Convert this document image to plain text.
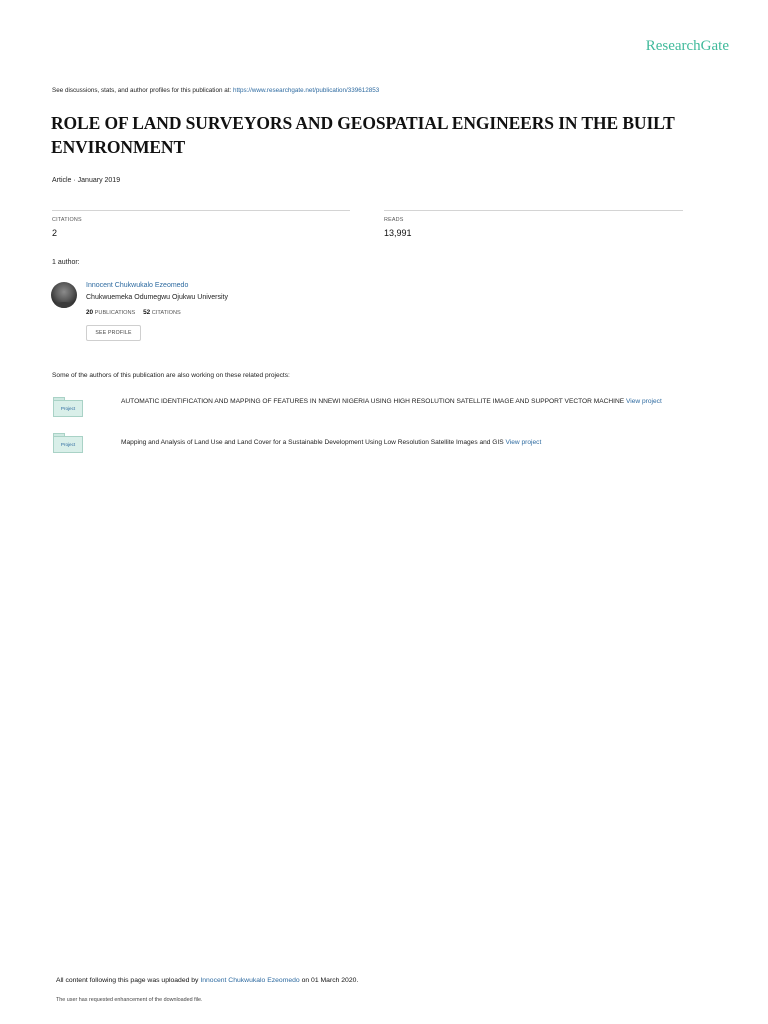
ResearchGate
See discussions, stats, and author profiles for this publication at: https://www.researchgate.net/publication/339612853
ROLE OF LAND SURVEYORS AND GEOSPATIAL ENGINEERS IN THE BUILT ENVIRONMENT
Article · January 2019
CITATIONS
2
READS
13,991
1 author:
Innocent Chukwukalo Ezeomedo
Chukwuemeka Odumegwu Ojukwu University
20 PUBLICATIONS 52 CITATIONS
SEE PROFILE
Some of the authors of this publication are also working on these related projects:
Project
AUTOMATIC IDENTIFICATION AND MAPPING OF FEATURES IN NNEWI NIGERIA USING HIGH RESOLUTION SATELLITE IMAGE AND SUPPORT VECTOR MACHINE View project
Project	Mapping and Analysis of Land Use and Land Cover for a Sustainable Development Using Low Resolution Satellite Images and GIS View project
All content following this page was uploaded by Innocent Chukwukalo Ezeomedo on 01 March 2020.
The user has requested enhancement of the downloaded file.
